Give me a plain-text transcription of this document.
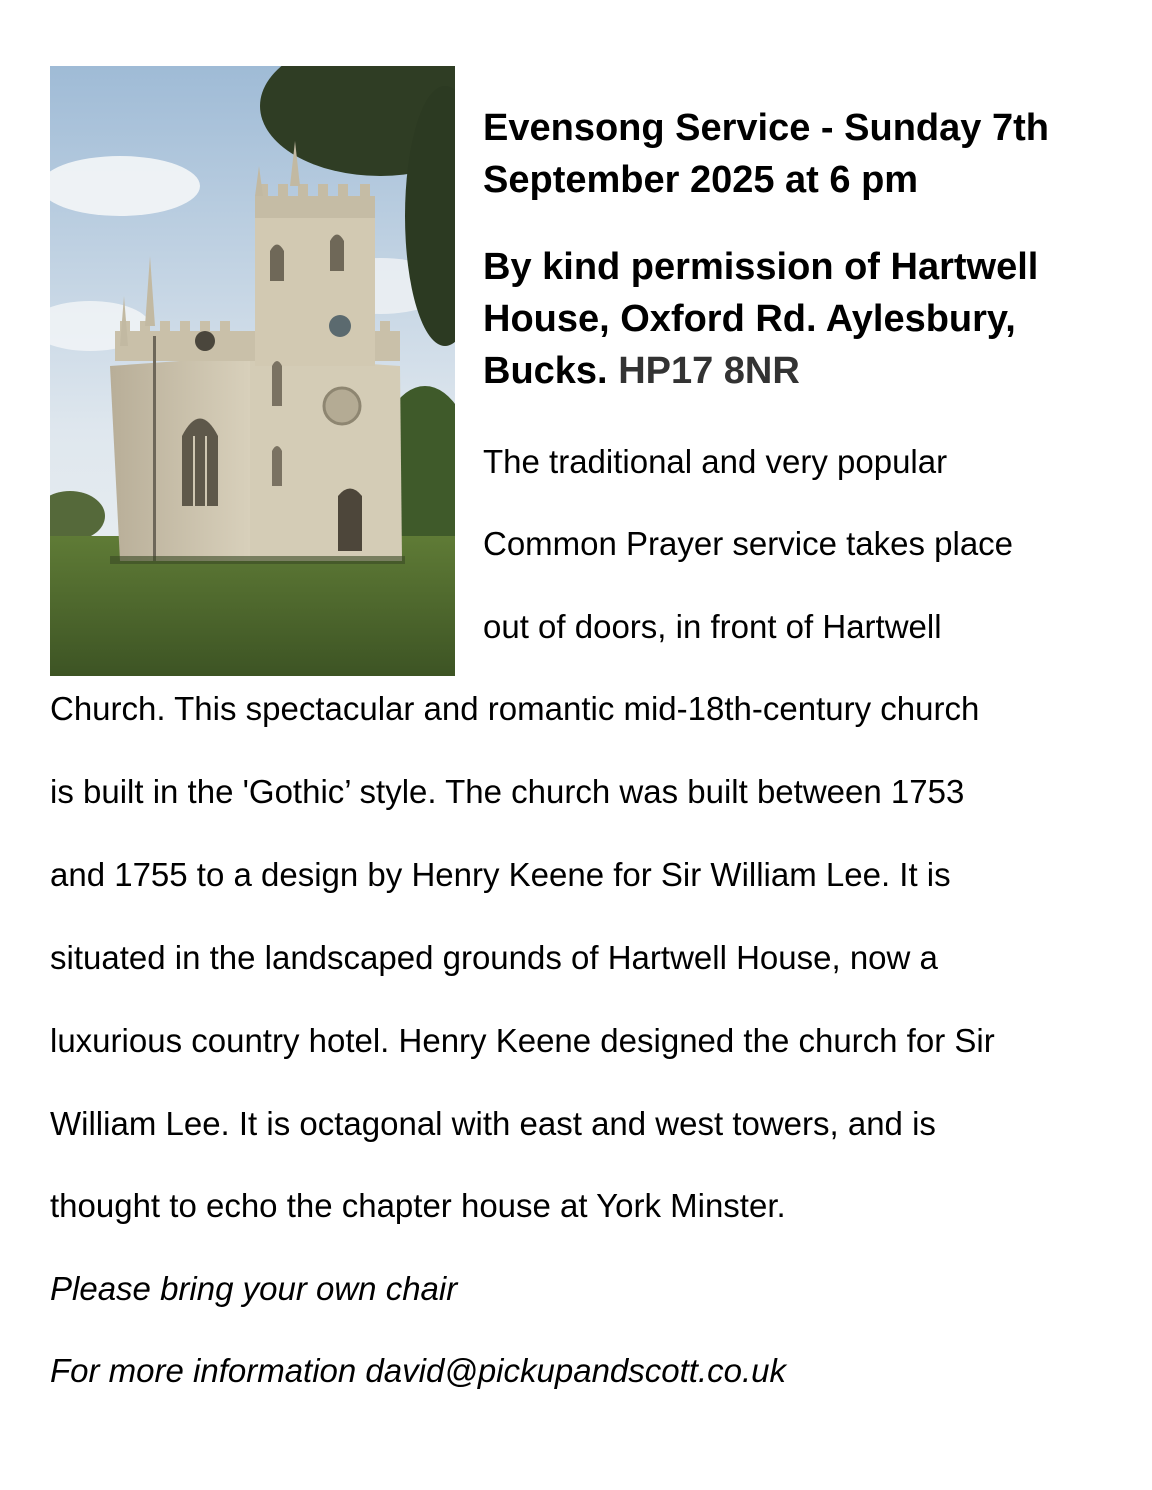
Evensong Service - Sunday 7th September 2025 at 6 pm
By kind permission of Hartwell House, Oxford Rd. Aylesbury, Bucks. HP17 8NR
The traditional and very popular
Common Prayer service takes place
out of doors, in front of Hartwell
Church. This spectacular and romantic mid-18th-century church
is built in the 'Gothic’ style. The church was built between 1753
and 1755 to a design by Henry Keene for Sir William Lee. It is
situated in the landscaped grounds of Hartwell House, now a
luxurious country hotel. Henry Keene designed the church for Sir
William Lee. It is octagonal with east and west towers, and is
thought to echo the chapter house at York Minster.
Please bring your own chair
For more information david@pickupandscott.co.uk
